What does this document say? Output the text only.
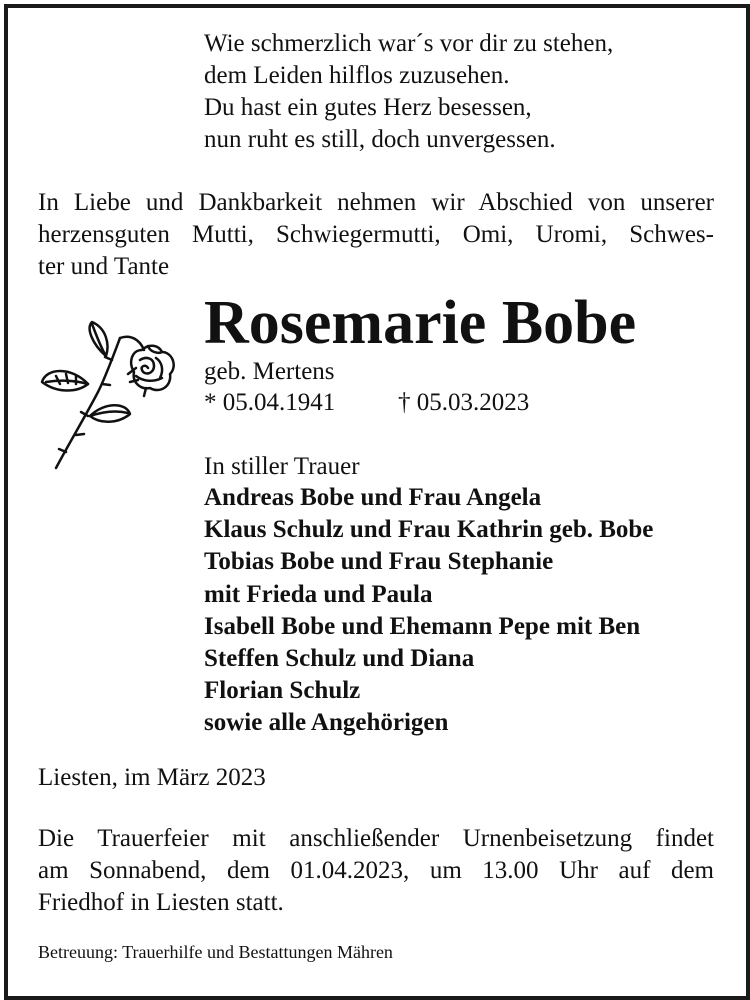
Wie schmerzlich war´s vor dir zu stehen,
dem Leiden hilflos zuzusehen.
Du hast ein gutes Herz besessen,
nun ruht es still, doch unvergessen.
In Liebe und Dankbarkeit nehmen wir Abschied von unserer
herzensguten Mutti, Schwiegermutti, Omi, Uromi, Schwes-
ter und Tante
Rosemarie Bobe
geb. Mertens
* 05.04.1941	† 05.03.2023
In stiller Trauer
Andreas Bobe und Frau Angela
Klaus Schulz und Frau Kathrin geb. Bobe
Tobias Bobe und Frau Stephanie
mit Frieda und Paula
Isabell Bobe und Ehemann Pepe mit Ben
Steffen Schulz und Diana
Florian Schulz
sowie alle Angehörigen
Liesten, im März 2023
Die Trauerfeier mit anschließender Urnenbeisetzung findet
am Sonnabend, dem 01.04.2023, um 13.00 Uhr auf dem
Friedhof in Liesten statt.
Betreuung: Trauerhilfe und Bestattungen Mähren
